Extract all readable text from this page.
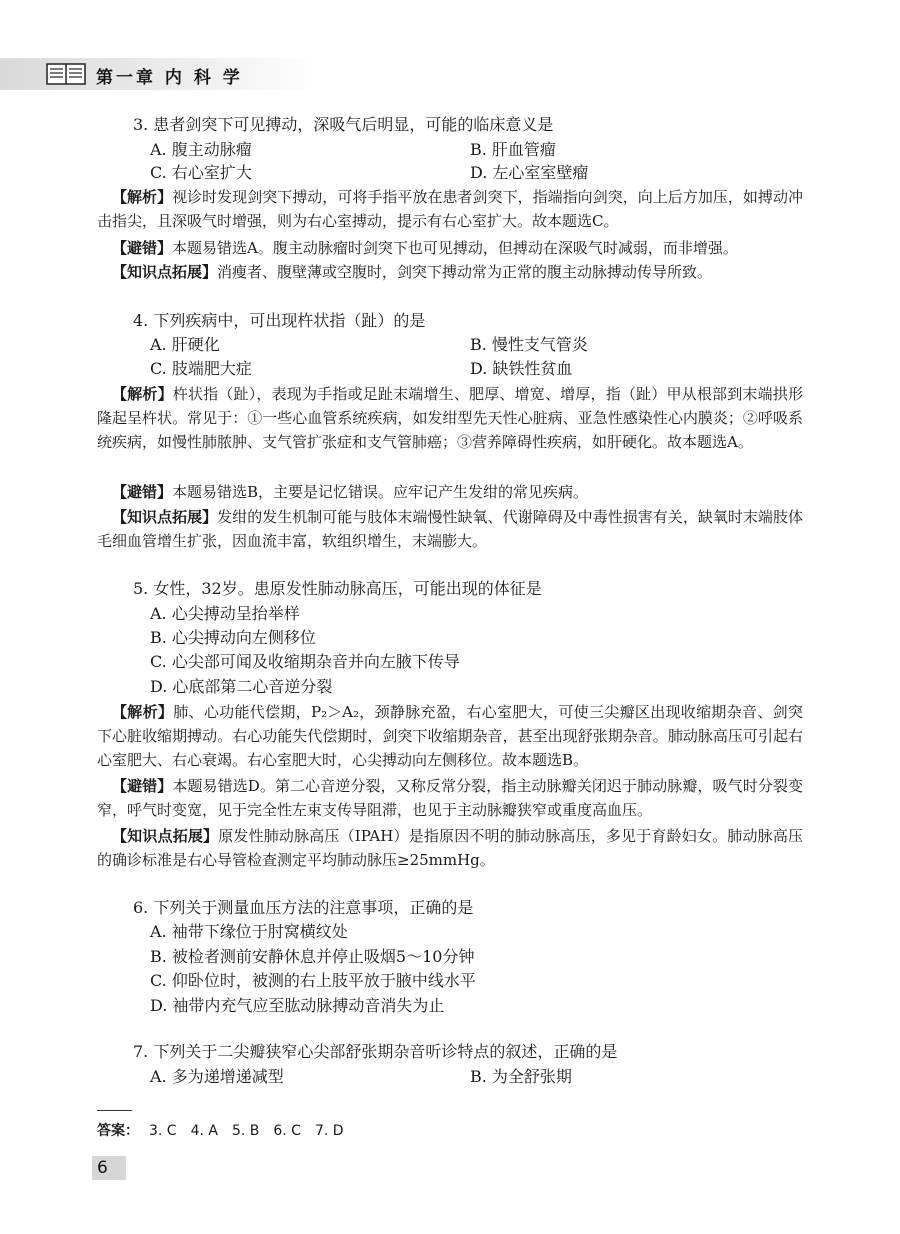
第一章 内 科 学
3. 患者剑突下可见搏动，深吸气后明显，可能的临床意义是
A. 腹主动脉瘤	B. 肝血管瘤
C. 右心室扩大	D. 左心室室壁瘤
【解析】视诊时发现剑突下搏动，可将手指平放在患者剑突下，指端指向剑突，向上后方加压，如搏动冲击指尖，且深吸气时增强，则为右心室搏动，提示有右心室扩大。故本题选C。
【避错】本题易错选A。腹主动脉瘤时剑突下也可见搏动，但搏动在深吸气时减弱，而非增强。
【知识点拓展】消瘦者、腹壁薄或空腹时，剑突下搏动常为正常的腹主动脉搏动传导所致。
4. 下列疾病中，可出现杵状指（趾）的是
A. 肝硬化	B. 慢性支气管炎
C. 肢端肥大症	D. 缺铁性贫血
【解析】杵状指（趾），表现为手指或足趾末端增生、肥厚、增宽、增厚，指（趾）甲从根部到末端拱形隆起呈杵状。常见于：①一些心血管系统疾病，如发绀型先天性心脏病、亚急性感染性心内膜炎；②呼吸系统疾病，如慢性肺脓肿、支气管扩张症和支气管肺癌；③营养障碍性疾病，如肝硬化。故本题选A。
【避错】本题易错选B，主要是记忆错误。应牢记产生发绀的常见疾病。
【知识点拓展】发绀的发生机制可能与肢体末端慢性缺氧、代谢障碍及中毒性损害有关，缺氧时末端肢体毛细血管增生扩张，因血流丰富，软组织增生，末端膨大。
5. 女性，32岁。患原发性肺动脉高压，可能出现的体征是
A. 心尖搏动呈抬举样
B. 心尖搏动向左侧移位
C. 心尖部可闻及收缩期杂音并向左腋下传导
D. 心底部第二心音逆分裂
【解析】肺、心功能代偿期，P₂＞A₂，颈静脉充盈，右心室肥大，可使三尖瓣区出现收缩期杂音、剑突下心脏收缩期搏动。右心功能失代偿期时，剑突下收缩期杂音，甚至出现舒张期杂音。肺动脉高压可引起右心室肥大、右心衰竭。右心室肥大时，心尖搏动向左侧移位。故本题选B。
【避错】本题易错选D。第二心音逆分裂，又称反常分裂，指主动脉瓣关闭迟于肺动脉瓣，吸气时分裂变窄，呼气时变宽，见于完全性左束支传导阻滞，也见于主动脉瓣狭窄或重度高血压。
【知识点拓展】原发性肺动脉高压（IPAH）是指原因不明的肺动脉高压，多见于育龄妇女。肺动脉高压的确诊标准是右心导管检查测定平均肺动脉压≥25mmHg。
6. 下列关于测量血压方法的注意事项，正确的是
A. 袖带下缘位于肘窝横纹处
B. 被检者测前安静休息并停止吸烟5～10分钟
C. 仰卧位时，被测的右上肢平放于腋中线水平
D. 袖带内充气应至肱动脉搏动音消失为止
7. 下列关于二尖瓣狭窄心尖部舒张期杂音听诊特点的叙述，正确的是
A. 多为递增递减型	B. 为全舒张期
答案： 3. C　4. A　5. B　6. C　7. D
6
